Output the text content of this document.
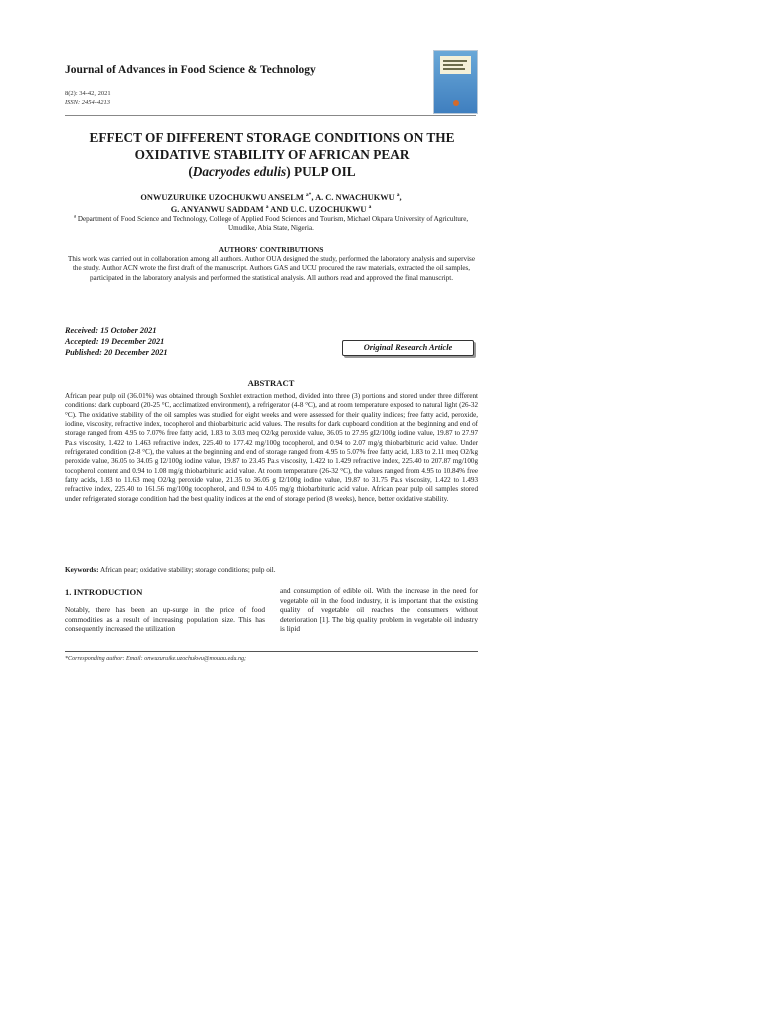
Journal of Advances in Food Science & Technology
8(2): 34-42, 2021
ISSN: 2454-4213
EFFECT OF DIFFERENT STORAGE CONDITIONS ON THE
OXIDATIVE STABILITY OF AFRICAN PEAR
(Dacryodes edulis) PULP OIL
ONWUZURUIKE UZOCHUKWU ANSELM $^{a*}$, A. C. NWACHUKWU $^a$,
G. ANYANWU SADDAM $^a$ AND U.C. UZOCHUKWU $^a$
$^a$ Department of Food Science and Technology, College of Applied Food Sciences and Tourism, Michael Okpara University of Agriculture, Umudike, Abia State, Nigeria.
AUTHORS' CONTRIBUTIONS
This work was carried out in collaboration among all authors. Author OUA designed the study, performed the laboratory analysis and supervise the study. Author ACN wrote the first draft of the manuscript. Authors GAS and UCU procured the raw materials, extracted the oil samples, participated in the laboratory analysis and performed the statistical analysis. All authors read and approved the final manuscript.
Received: 15 October 2021
Accepted: 19 December 2021
Published: 20 December 2021
Original Research Article
ABSTRACT
African pear pulp oil (36.01%) was obtained through Soxhlet extraction method, divided into three (3) portions and stored under three different conditions: dark cupboard (20-25 °C, acclimatized environment), a refrigerator (4-8 °C), and at room temperature exposed to natural light (26-32 °C). The oxidative stability of the oil samples was studied for eight weeks and were assessed for their quality indices; free fatty acid, peroxide, iodine, viscosity, refractive index, tocopherol and thiobarbituric acid values. The results for dark cupboard condition at the beginning and end of storage ranged from 4.95 to 7.07% free fatty acid, 1.83 to 3.03 meq O2/kg peroxide value, 36.05 to 27.95 gI2/100g iodine value, 19.87 to 27.97 Pa.s viscosity, 1.422 to 1.463 refractive index, 225.40 to 177.42 mg/100g tocopherol, and 0.94 to 2.07 mg/g thiobarbituric acid value. Under refrigerated condition (2-8 °C), the values at the beginning and end of storage ranged from 4.95 to 5.07% free fatty acid, 1.83 to 2.11 meq O2/kg peroxide value, 36.05 to 34.05 g I2/100g iodine value, 19.87 to 23.45 Pa.s viscosity, 1.422 to 1.429 refractive index, 225.40 to 207.87 mg/100g tocopherol content and 0.94 to 1.08 mg/g thiobarbituric acid value. At room temperature (26-32 °C), the values ranged from 4.95 to 10.84% free fatty acids, 1.83 to 11.63 meq O2/kg peroxide value, 21.35 to 36.05 g I2/100g iodine value, 19.87 to 31.75 Pa.s viscosity, 1.422 to 1.493 refractive index, 225.40 to 161.56 mg/100g tocopherol, and 0.94 to 4.05 mg/g thiobarbituric acid value. African pear pulp oil samples stored under refrigerated storage condition had the best quality indices at the end of storage period (8 weeks), hence, better oxidative stability.
Keywords: African pear; oxidative stability; storage conditions; pulp oil.
1. INTRODUCTION
Notably, there has been an up-surge in the price of food commodities as a result of increasing population size. This has consequently increased the utilization
and consumption of edible oil. With the increase in the need for vegetable oil in the food industry, it is important that the existing quality of vegetable oil reaches the consumers without deterioration [1]. The big quality problem in vegetable oil industry is lipid
*Corresponding author: Email: onwuzuruike.uzochukwu@mouau.edu.ng;
